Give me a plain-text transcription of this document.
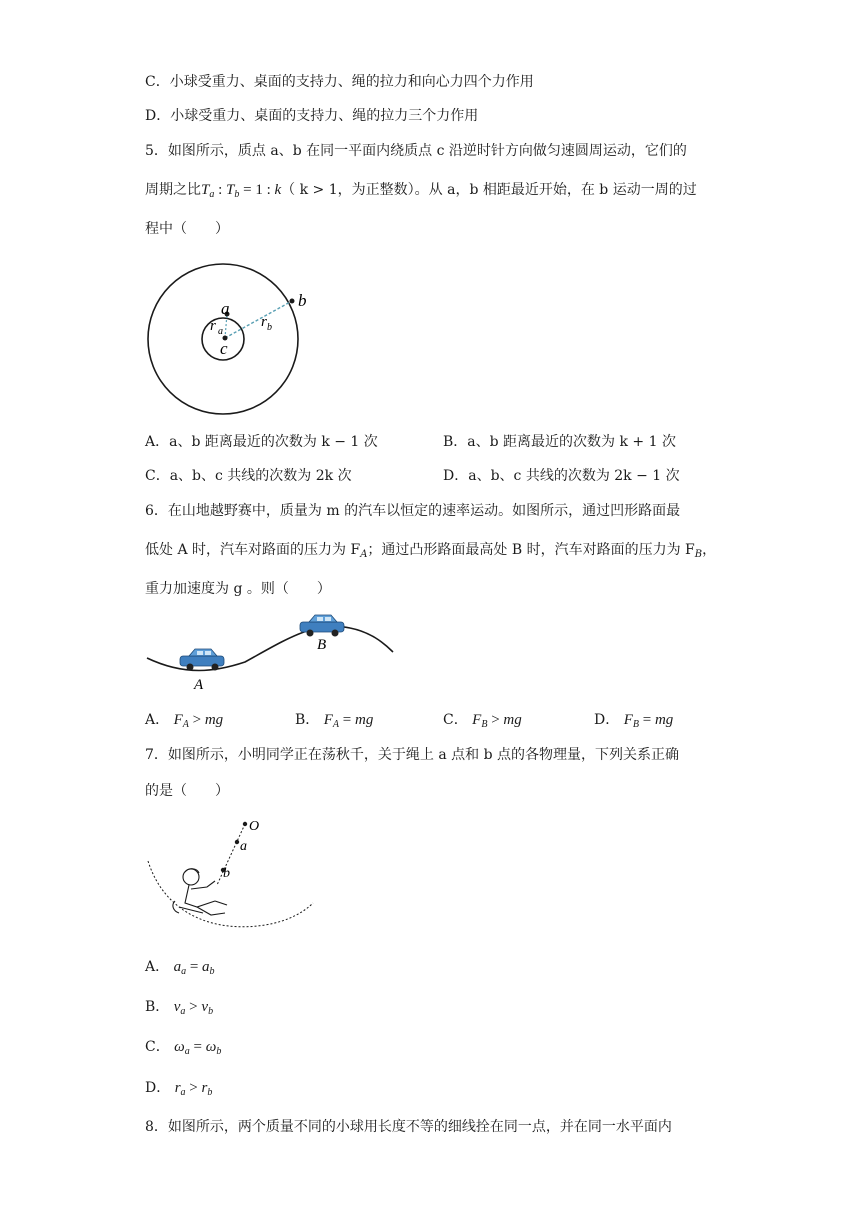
C．小球受重力、桌面的支持力、绳的拉力和向心力四个力作用
D．小球受重力、桌面的支持力、绳的拉力三个力作用
5．如图所示，质点 a、b 在同一平面内绕质点 c 沿逆时针方向做匀速圆周运动，它们的
周期之比$T_a$ : $T_b = 1$ : k（ k > 1，为正整数）。从 a，b 相距最近开始，在 b 运动一周的过
程中（　　）
a
c
b
r a
r b
A．a、b 距离最近的次数为 k − 1 次	B．a、b 距离最近的次数为 k + 1 次
C．a、b、c 共线的次数为 2k 次	D．a、b、c 共线的次数为 2k − 1 次
6．在山地越野赛中，质量为 m 的汽车以恒定的速率运动。如图所示，通过凹形路面最
低处 A 时，汽车对路面的压力为 $F_A$；通过凸形路面最高处 B 时，汽车对路面的压力为 $F_B$，
重力加速度为 g 。则（　　）
A
B
A． $F_A$ > mg	B． $F_A$ = mg	C． $F_B$ > mg	D． $F_B$ = mg
7．如图所示，小明同学正在荡秋千，关于绳上 a 点和 b 点的各物理量，下列关系正确
的是（　　）
O
a
b
A． $a_a = a_b$
B． $v_a > v_b$
C． $\omega_a = \omega_b$
D． $r_a > r_b$
8．如图所示，两个质量不同的小球用长度不等的细线拴在同一点，并在同一水平面内
